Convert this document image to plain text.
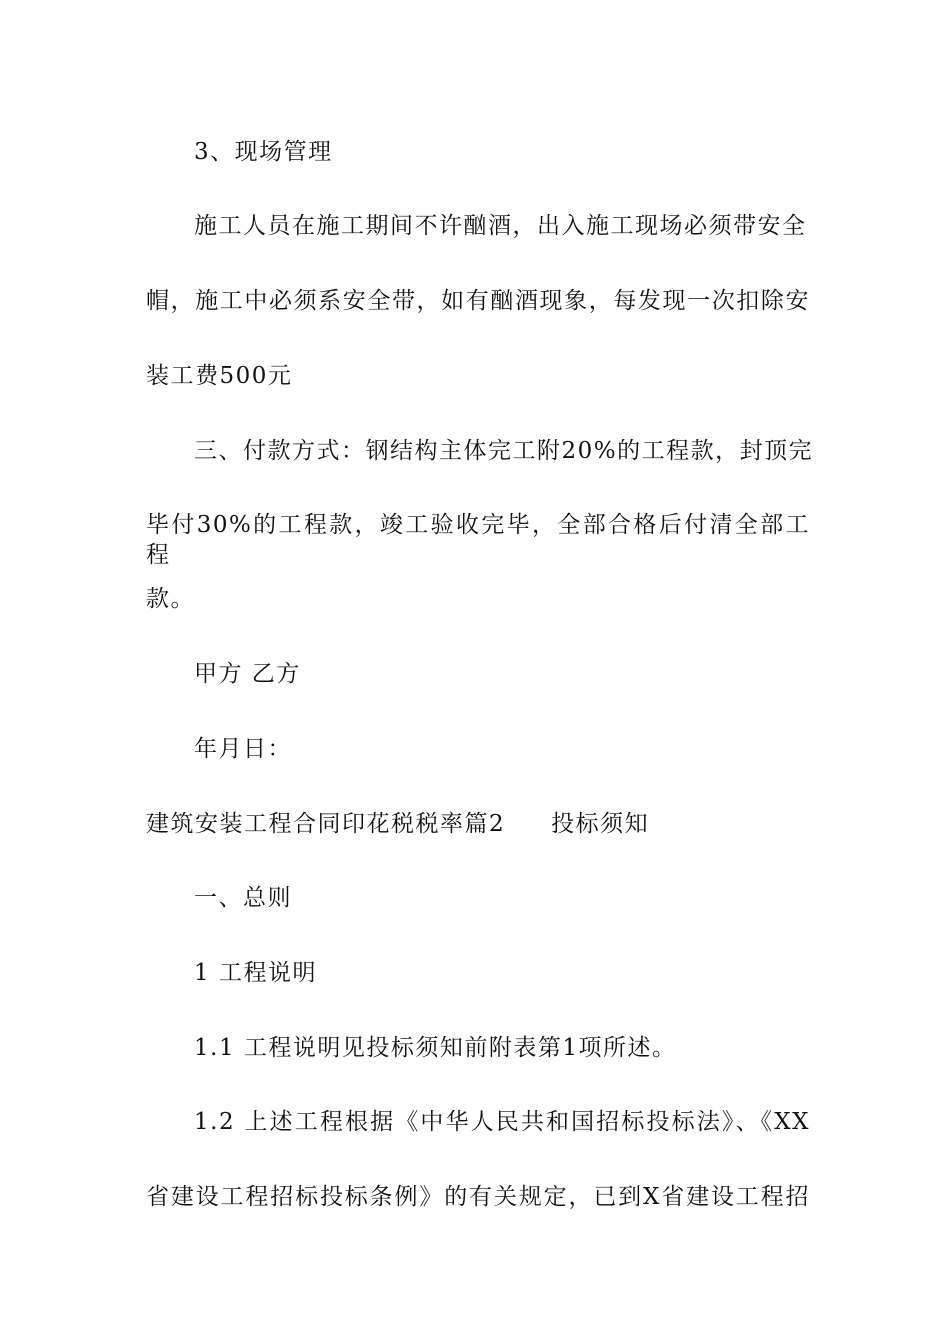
3、现场管理
施工人员在施工期间不许酗酒，出入施工现场必须带安全
帽，施工中必须系安全带，如有酗酒现象，每发现一次扣除安
装工费500元
三、付款方式：钢结构主体完工附20%的工程款，封顶完
毕付30%的工程款，竣工验收完毕，全部合格后付清全部工程
款。
甲方 乙方
年月日：
建筑安装工程合同印花税税率篇2 投标须知
一、总则
1 工程说明
1.1 工程说明见投标须知前附表第1项所述。
1.2 上述工程根据《中华人民共和国招标投标法》、《XX
省建设工程招标投标条例》的有关规定，已到X省建设工程招
